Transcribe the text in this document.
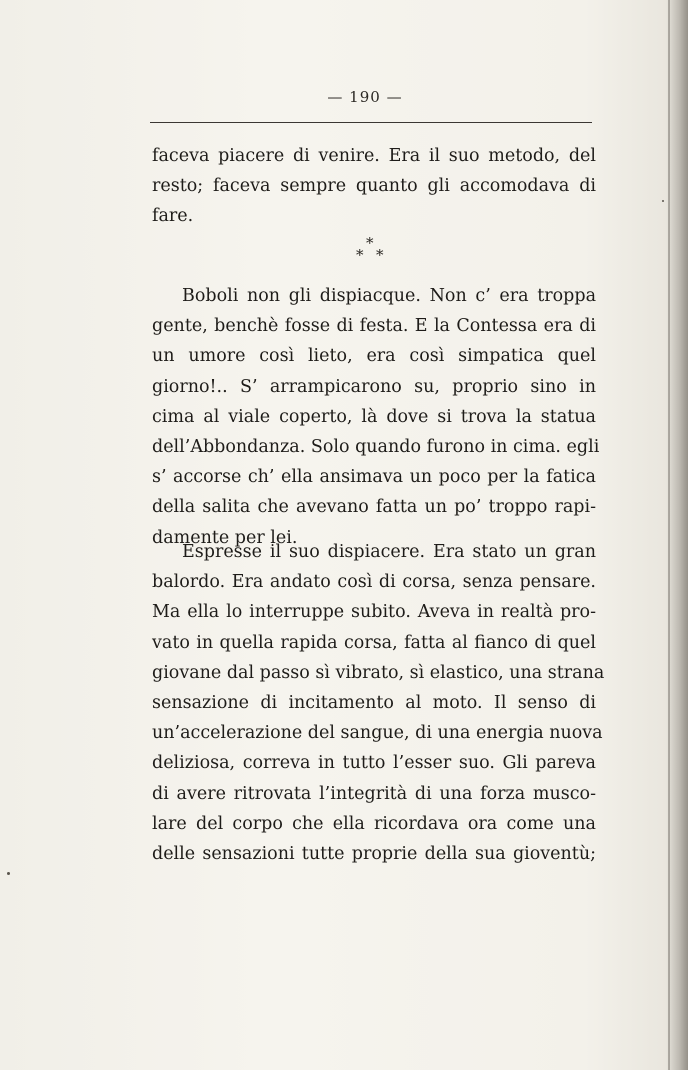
— 190 —
faceva piacere di venire. Era il suo metodo, del
resto; faceva sempre quanto gli accomodava di
fare.
*
* *
Boboli non gli dispiacque. Non c’ era troppa
gente, benchè fosse di festa. E la Contessa era di
un umore così lieto, era così simpatica quel
giorno!.. S’ arrampicarono su, proprio sino in
cima al viale coperto, là dove si trova la statua
dell’Abbondanza. Solo quando furono in cima. egli
s’ accorse ch’ ella ansimava un poco per la fatica
della salita che avevano fatta un po’ troppo rapi-
damente per lei.
Espresse il suo dispiacere. Era stato un gran
balordo. Era andato così di corsa, senza pensare.
Ma ella lo interruppe subito. Aveva in realtà pro-
vato in quella rapida corsa, fatta al fianco di quel
giovane dal passo sì vibrato, sì elastico, una strana
sensazione di incitamento al moto. Il senso di
un’accelerazione del sangue, di una energia nuova
deliziosa, correva in tutto l’esser suo. Gli pareva
di avere ritrovata l’integrità di una forza musco-
lare del corpo che ella ricordava ora come una
delle sensazioni tutte proprie della sua gioventù;
